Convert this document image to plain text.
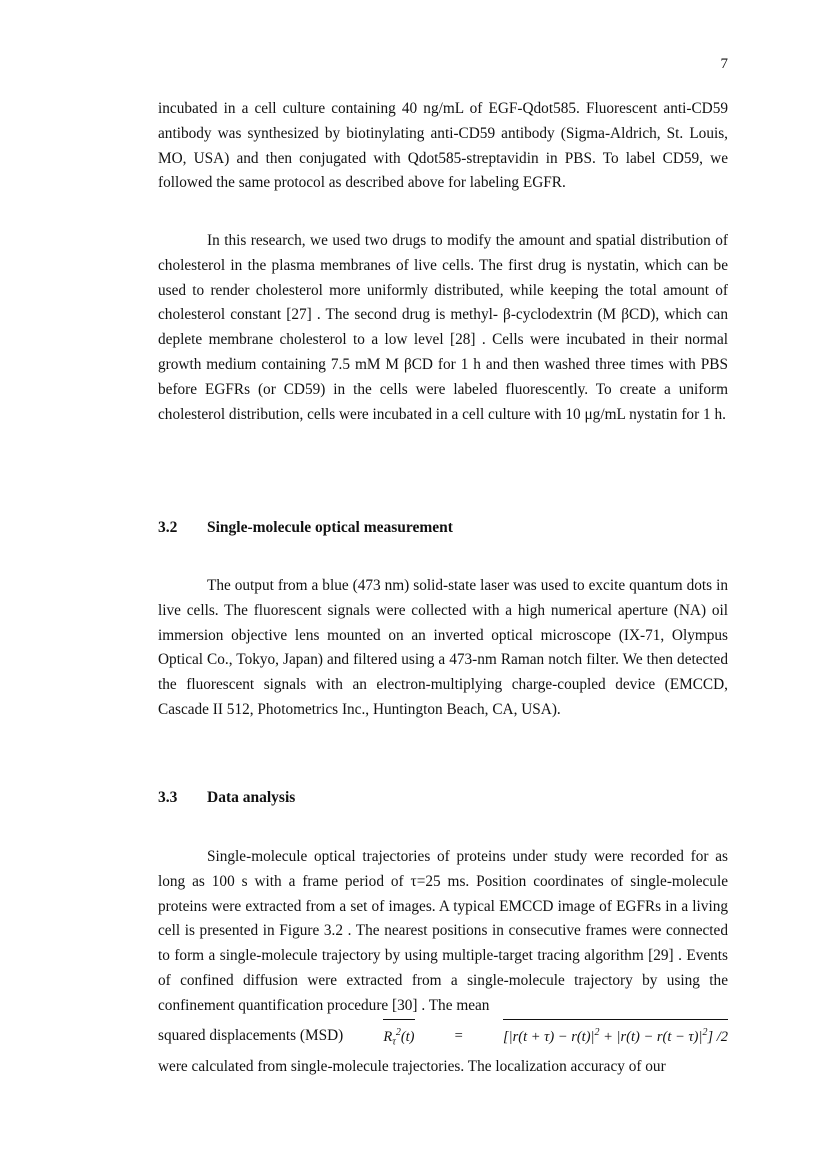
7

incubated in a cell culture containing 40 ng/mL of EGF-Qdot585. Fluorescent anti-CD59 antibody was synthesized by biotinylating anti-CD59 antibody (Sigma-Aldrich, St. Louis, MO, USA) and then conjugated with Qdot585-streptavidin in PBS. To label CD59, we followed the same protocol as described above for labeling EGFR.

In this research, we used two drugs to modify the amount and spatial distribution of cholesterol in the plasma membranes of live cells. The first drug is nystatin, which can be used to render cholesterol more uniformly distributed, while keeping the total amount of cholesterol constant [27] . The second drug is methyl- β-cyclodextrin (M βCD), which can deplete membrane cholesterol to a low level [28] . Cells were incubated in their normal growth medium containing 7.5 mM M βCD for 1 h and then washed three times with PBS before EGFRs (or CD59) in the cells were labeled fluorescently. To create a uniform cholesterol distribution, cells were incubated in a cell culture with 10 μg/mL nystatin for 1 h.

3.2 Single-molecule optical measurement

The output from a blue (473 nm) solid-state laser was used to excite quantum dots in live cells. The fluorescent signals were collected with a high numerical aperture (NA) oil immersion objective lens mounted on an inverted optical microscope (IX-71, Olympus Optical Co., Tokyo, Japan) and filtered using a 473-nm Raman notch filter. We then detected the fluorescent signals with an electron-multiplying charge-coupled device (EMCCD, Cascade II 512, Photometrics Inc., Huntington Beach, CA, USA).

3.3 Data analysis

Single-molecule optical trajectories of proteins under study were recorded for as long as 100 s with a frame period of τ=25 ms. Position coordinates of single-molecule proteins were extracted from a set of images. A typical EMCCD image of EGFRs in a living cell is presented in Figure 3.2 . The nearest positions in consecutive frames were connected to form a single-molecule trajectory by using multiple-target tracing algorithm [29] . Events of confined diffusion were extracted from a single-molecule trajectory by using the confinement quantification procedure [30] . The mean

squared displacements (MSD)	$R_\tau^2(t)$	=	$[|r(t + \tau) - r(t)|^2 + |r(t) - r(t - \tau)|^2]$ /2

were calculated from single-molecule trajectories. The localization accuracy of our
